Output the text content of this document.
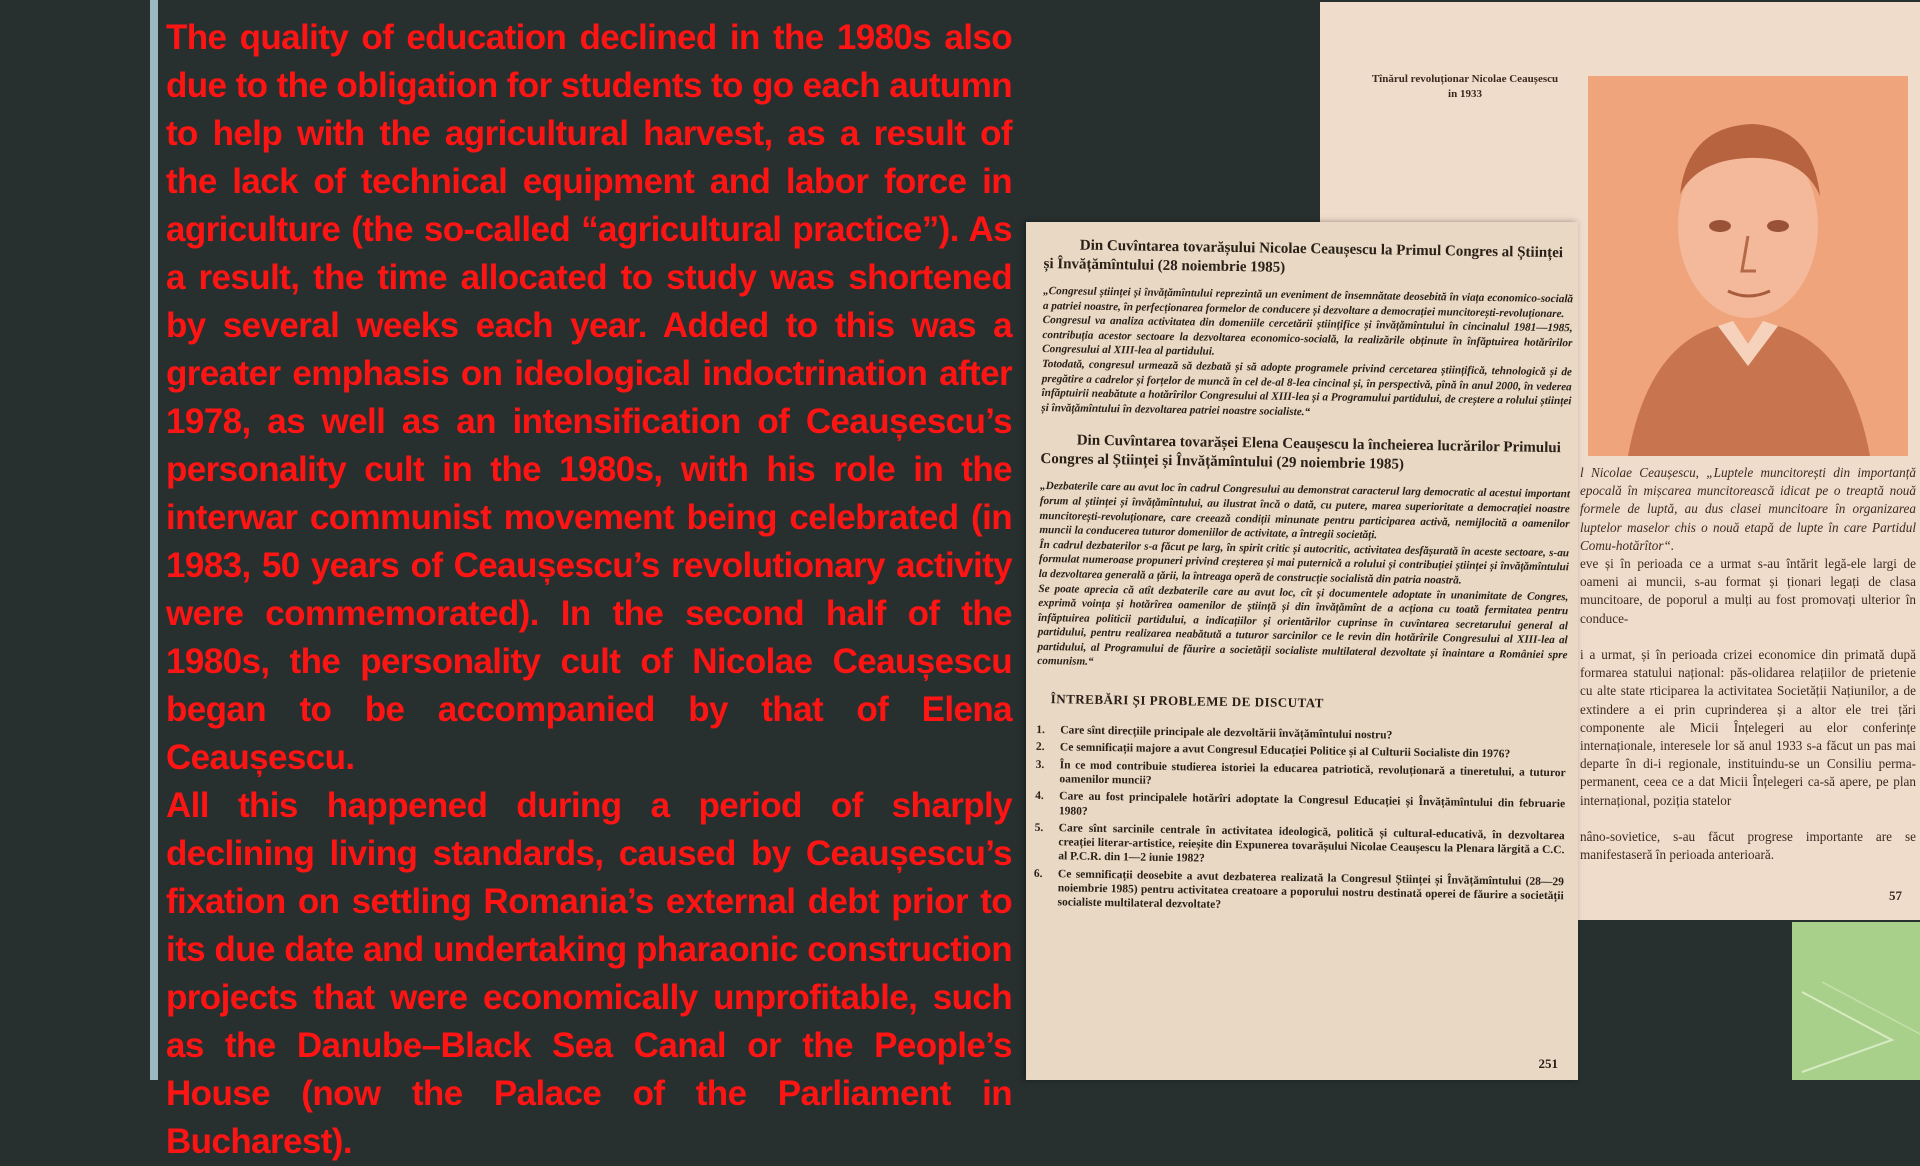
The quality of education declined in the 1980s also due to the obligation for students to go each autumn to help with the agricultural harvest, as a result of the lack of technical equipment and labor force in agriculture (the so-called “agricultural practice”). As a result, the time allocated to study was shortened by several weeks each year. Added to this was a greater emphasis on ideological indoctrination after 1978, as well as an intensification of Ceaușescu’s personality cult in the 1980s, with his role in the interwar communist movement being celebrated (in 1983, 50 years of Ceaușescu’s revolutionary activity were commemorated). In the second half of the 1980s, the personality cult of Nicolae Ceaușescu began to be accompanied by that of Elena Ceaușescu.

All this happened during a period of sharply declining living standards, caused by Ceaușescu’s fixation on settling Romania’s external debt prior to its due date and undertaking pharaonic construction projects that were economically unprofitable, such as the Danube–Black Sea Canal or the People’s House (now the Palace of the Parliament in Bucharest).

Tînărul revoluționar Nicolae Ceaușescu
in 1933
l Nicolae Ceaușescu, „Luptele muncitorești din importanță epocală în mișcarea muncitorească idicat pe o treaptă nouă formele de luptă, au dus clasei muncitoare în organizarea luptelor maselor chis o nouă etapă de lupte în care Partidul Comu-hotărîtor“.
eve și în perioada ce a urmat s-au întărit legă-ele largi de oameni ai muncii, s-au format și ționari legați de clasa muncitoare, de poporul a mulți au fost promovați ulterior în conduce-

i a urmat, și în perioada crizei economice din primată după formarea statului național: păs-olidarea relațiilor de prietenie cu alte state rticiparea la activitatea Societății Națiunilor, a de extindere a ei prin cuprinderea și a altor ele trei țări componente ale Micii Înțelegeri au elor conferințe internaționale, interesele lor să anul 1933 s-a făcut un pas mai departe în di-i regionale, instituindu-se un Consiliu perma- permanent, ceea ce a dat Micii Înțelegeri ca-să apere, pe plan internațional, poziția statelor

nâno-sovietice, s-au făcut progrese importante are se manifestaseră în perioada anterioară.
57

Din Cuvîntarea tovarășului Nicolae Ceaușescu la Primul Congres al Științei și Învățămîntului (28 noiembrie 1985)

„Congresul științei și învățămîntului reprezintă un eveniment de însemnătate deosebită în viața economico-socială a patriei noastre, în perfecționarea formelor de conducere și dezvoltare a democrației muncitorești-revoluționare.
Congresul va analiza activitatea din domeniile cercetării științifice și învățămîntului în cincinalul 1981—1985, contribuția acestor sectoare la dezvoltarea economico-socială, la realizările obținute în înfăptuirea hotărîrilor Congresului al XIII-lea al partidului.
Totodată, congresul urmează să dezbată și să adopte programele privind cercetarea științifică, tehnologică și de pregătire a cadrelor și forțelor de muncă în cel de-al 8-lea cincinal și, în perspectivă, pînă în anul 2000, în vederea înfăptuirii neabătute a hotărîrilor Congresului al XIII-lea și a Programului partidului, de creștere a rolului științei și învățămîntului în dezvoltarea patriei noastre socialiste.“

Din Cuvîntarea tovarășei Elena Ceaușescu la încheierea lucrărilor Primului Congres al Științei și Învățămîntului (29 noiembrie 1985)

„Dezbaterile care au avut loc în cadrul Congresului au demonstrat caracterul larg democratic al acestui important forum al științei și învățămîntului, au ilustrat încă o dată, cu putere, marea superioritate a democrației noastre muncitorești-revoluționare, care creează condiții minunate pentru participarea activă, nemijlocită a oamenilor muncii la conducerea tuturor domeniilor de activitate, a întregii societăți.
În cadrul dezbaterilor s-a făcut pe larg, în spirit critic și autocritic, activitatea desfășurată în aceste sectoare, s-au formulat numeroase propuneri privind creșterea și mai puternică a rolului și contribuției științei și învățămîntului la dezvoltarea generală a țării, la întreaga operă de construcție socialistă din patria noastră.
Se poate aprecia că atît dezbaterile care au avut loc, cît și documentele adoptate în unanimitate de Congres, exprimă voința și hotărîrea oamenilor de știință și din învățămînt de a acționa cu toată fermitatea pentru înfăptuirea politicii partidului, a indicațiilor și orientărilor cuprinse în cuvîntarea secretarului general al partidului, pentru realizarea neabătută a tuturor sarcinilor ce le revin din hotărîrile Congresului al XIII-lea al partidului, al Programului de făurire a societății socialiste multilateral dezvoltate și înaintare a României spre comunism.“

ÎNTREBĂRI ȘI PROBLEME DE DISCUTAT
1. Care sînt direcțiile principale ale dezvoltării învățămîntului nostru?
2. Ce semnificații majore a avut Congresul Educației Politice și al Culturii Socialiste din 1976?
3. În ce mod contribuie studierea istoriei la educarea patriotică, revoluționară a tineretului, a tuturor oamenilor muncii?
4. Care au fost principalele hotărîri adoptate la Congresul Educației și Învățămîntului din februarie 1980?
5. Care sînt sarcinile centrale în activitatea ideologică, politică și cultural-educativă, în dezvoltarea creației literar-artistice, reieșite din Expunerea tovarășului Nicolae Ceaușescu la Plenara lărgită a C.C. al P.C.R. din 1—2 iunie 1982?
6. Ce semnificații deosebite a avut dezbaterea realizată la Congresul Științei și Învățămîntului (28—29 noiembrie 1985) pentru activitatea creatoare a poporului nostru destinată operei de făurire a societății socialiste multilateral dezvoltate?
251
